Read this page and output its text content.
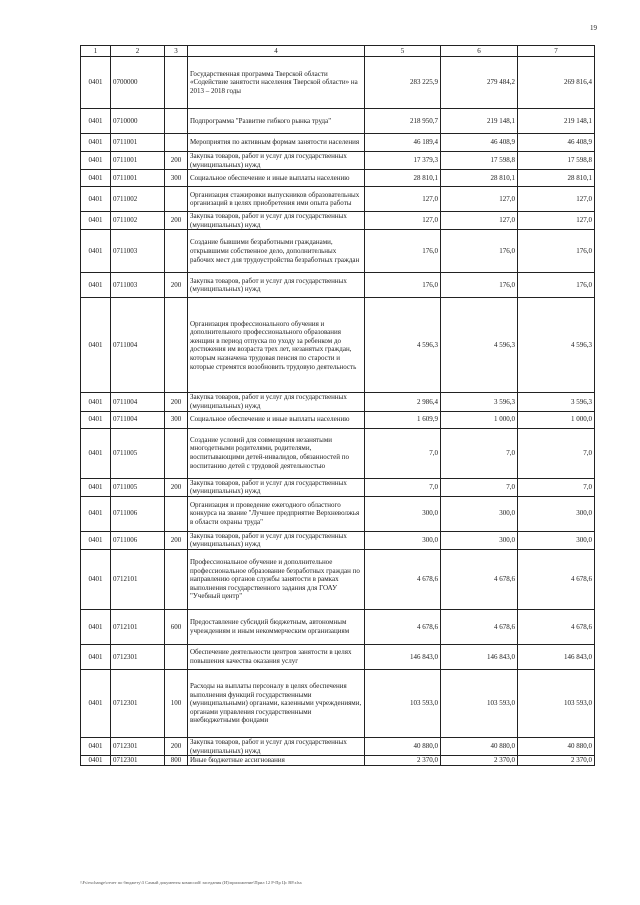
19
1	2	3	4	5	6	7
0401	0700000		Государственная программа Тверской области «Содействие занятости населения Тверской области» на 2013 – 2018 годы	283 225,9	279 484,2	269 816,4
0401	0710000		Подпрограмма "Развитие гибкого рынка труда"	218 950,7	219 148,1	219 148,1
0401	0711001		Мероприятия по активным формам занятости населения	46 189,4	46 408,9	46 408,9
0401	0711001	200	Закупка товаров, работ и услуг для государственных (муниципальных) нужд	17 379,3	17 598,8	17 598,8
0401	0711001	300	Социальное обеспечение и иные выплаты населению	28 810,1	28 810,1	28 810,1
0401	0711002		Организация стажировки выпускников образовательных организаций в целях приобретения ими опыта работы	127,0	127,0	127,0
0401	0711002	200	Закупка товаров, работ и услуг для государственных (муниципальных) нужд	127,0	127,0	127,0
0401	0711003		Создание бывшими безработными гражданами, открывшими собственное дело, дополнительных рабочих мест для трудоустройства безработных граждан	176,0	176,0	176,0
0401	0711003	200	Закупка товаров, работ и услуг для государственных (муниципальных) нужд	176,0	176,0	176,0
0401	0711004		Организация профессионального обучения и дополнительного профессионального образования женщин в период отпуска по уходу за ребенком до достижения им возраста трех лет, незанятых граждан, которым назначена трудовая пенсия по старости и которые стремятся возобновить трудовую деятельность	4 596,3	4 596,3	4 596,3
0401	0711004	200	Закупка товаров, работ и услуг для государственных (муниципальных) нужд	2 986,4	3 596,3	3 596,3
0401	0711004	300	Социальное обеспечение и иные выплаты населению	1 609,9	1 000,0	1 000,0
0401	0711005		Создание условий для совмещения незанятыми многодетными родителями, родителями, воспитывающими детей-инвалидов, обязанностей по воспитанию детей с трудовой деятельностью	7,0	7,0	7,0
0401	0711005	200	Закупка товаров, работ и услуг для государственных (муниципальных) нужд	7,0	7,0	7,0
0401	0711006		Организация и проведение ежегодного областного конкурса на звание "Лучшее предприятие Верхневолжья в области охраны труда"	300,0	300,0	300,0
0401	0711006	200	Закупка товаров, работ и услуг для государственных (муниципальных) нужд	300,0	300,0	300,0
0401	0712101		Профессиональное обучение и дополнительное профессиональное образование безработных граждан по направлению органов службы занятости в рамках выполнения государственного задания для ГОАУ "Учебный центр"	4 678,6	4 678,6	4 678,6
0401	0712101	600	Предоставление субсидий бюджетным, автономным учреждениям и иным некоммерческим организациям	4 678,6	4 678,6	4 678,6
0401	0712301		Обеспечение деятельности центров занятости в целях повышения качества оказания услуг	146 843,0	146 843,0	146 843,0
0401	0712301	100	Расходы на выплаты персоналу в целях обеспечения выполнения функций государственными (муниципальными) органами, казенными учреждениями, органами управления государственными внебюджетными фондами	103 593,0	103 593,0	103 593,0
0401	0712301	200	Закупка товаров, работ и услуг для государственных (муниципальных) нужд	40 880,0	40 880,0	40 880,0
0401	0712301	800	Иные бюджетные ассигнования	2 370,0	2 370,0	2 370,0
\\Fs\exchange\отчет по бюджету\3 Самый документы комиссий\ заседания (И)\приложение\Прил 12 Р-Пр Цс ВР.xlsx
